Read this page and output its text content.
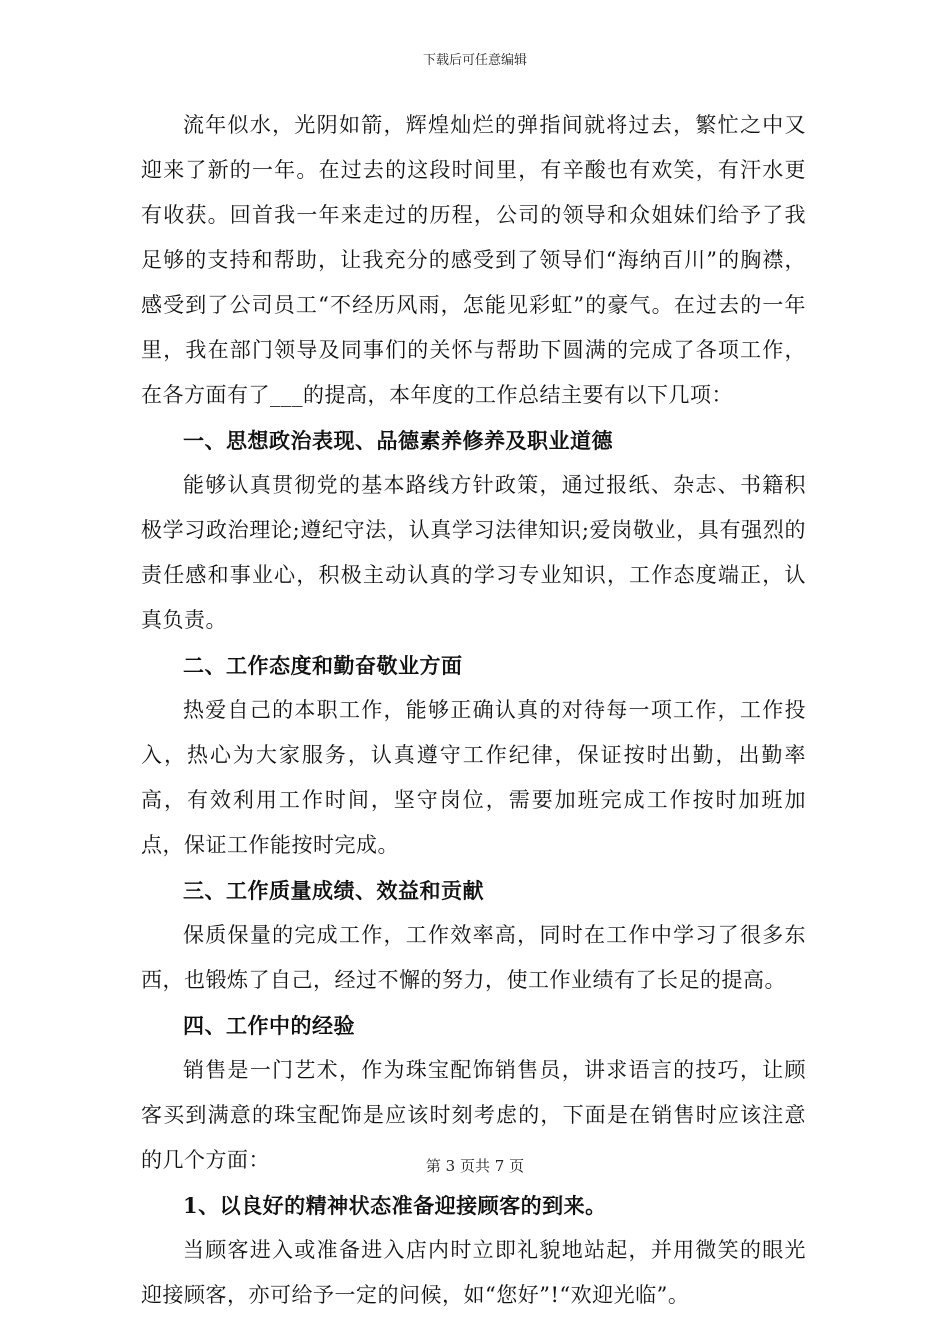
下载后可任意编辑

流年似水，光阴如箭，辉煌灿烂的弹指间就将过去，繁忙之中又迎来了新的一年。在过去的这段时间里，有辛酸也有欢笑，有汗水更有收获。回首我一年来走过的历程，公司的领导和众姐妹们给予了我足够的支持和帮助，让我充分的感受到了领导们“海纳百川”的胸襟，感受到了公司员工“不经历风雨，怎能见彩虹”的豪气。在过去的一年里，我在部门领导及同事们的关怀与帮助下圆满的完成了各项工作，在各方面有了___的提高，本年度的工作总结主要有以下几项：

一、思想政治表现、品德素养修养及职业道德

能够认真贯彻党的基本路线方针政策，通过报纸、杂志、书籍积极学习政治理论;遵纪守法，认真学习法律知识;爱岗敬业，具有强烈的责任感和事业心，积极主动认真的学习专业知识，工作态度端正，认真负责。

二、工作态度和勤奋敬业方面

热爱自己的本职工作，能够正确认真的对待每一项工作，工作投入，热心为大家服务，认真遵守工作纪律，保证按时出勤，出勤率高，有效利用工作时间，坚守岗位，需要加班完成工作按时加班加点，保证工作能按时完成。

三、工作质量成绩、效益和贡献

保质保量的完成工作，工作效率高，同时在工作中学习了很多东西，也锻炼了自己，经过不懈的努力，使工作业绩有了长足的提高。

四、工作中的经验

销售是一门艺术，作为珠宝配饰销售员，讲求语言的技巧，让顾客买到满意的珠宝配饰是应该时刻考虑的，下面是在销售时应该注意的几个方面：

1、以良好的精神状态准备迎接顾客的到来。

当顾客进入或准备进入店内时立即礼貌地站起，并用微笑的眼光迎接顾客，亦可给予一定的问候，如“您好”!“欢迎光临”。

第 3 页共 7 页
